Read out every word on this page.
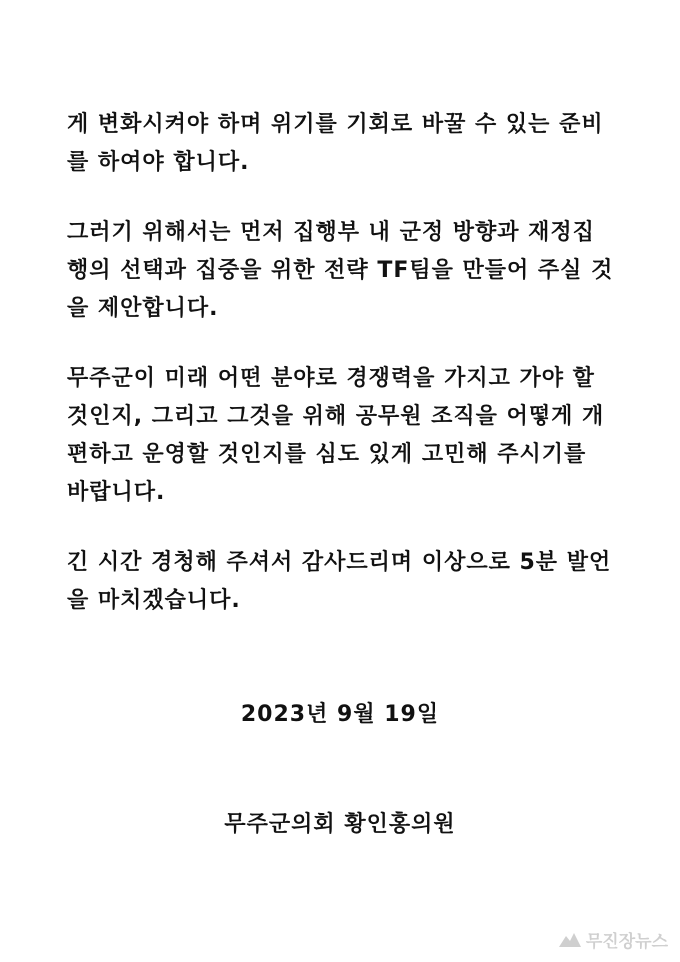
게 변화시켜야 하며 위기를 기회로 바꿀 수 있는 준비
를 하여야 합니다.
그러기 위해서는 먼저 집행부 내 군정 방향과 재정집
행의 선택과 집중을 위한 전략 TF팀을 만들어 주실 것
을 제안합니다.
무주군이 미래 어떤 분야로 경쟁력을 가지고 가야 할
것인지, 그리고 그것을 위해 공무원 조직을 어떻게 개
편하고 운영할 것인지를 심도 있게 고민해 주시기를
바랍니다.
긴 시간 경청해 주셔서 감사드리며 이상으로 5분 발언
을 마치겠습니다.
2023년 9월 19일
무주군의회 황인홍의원
무진장뉴스
